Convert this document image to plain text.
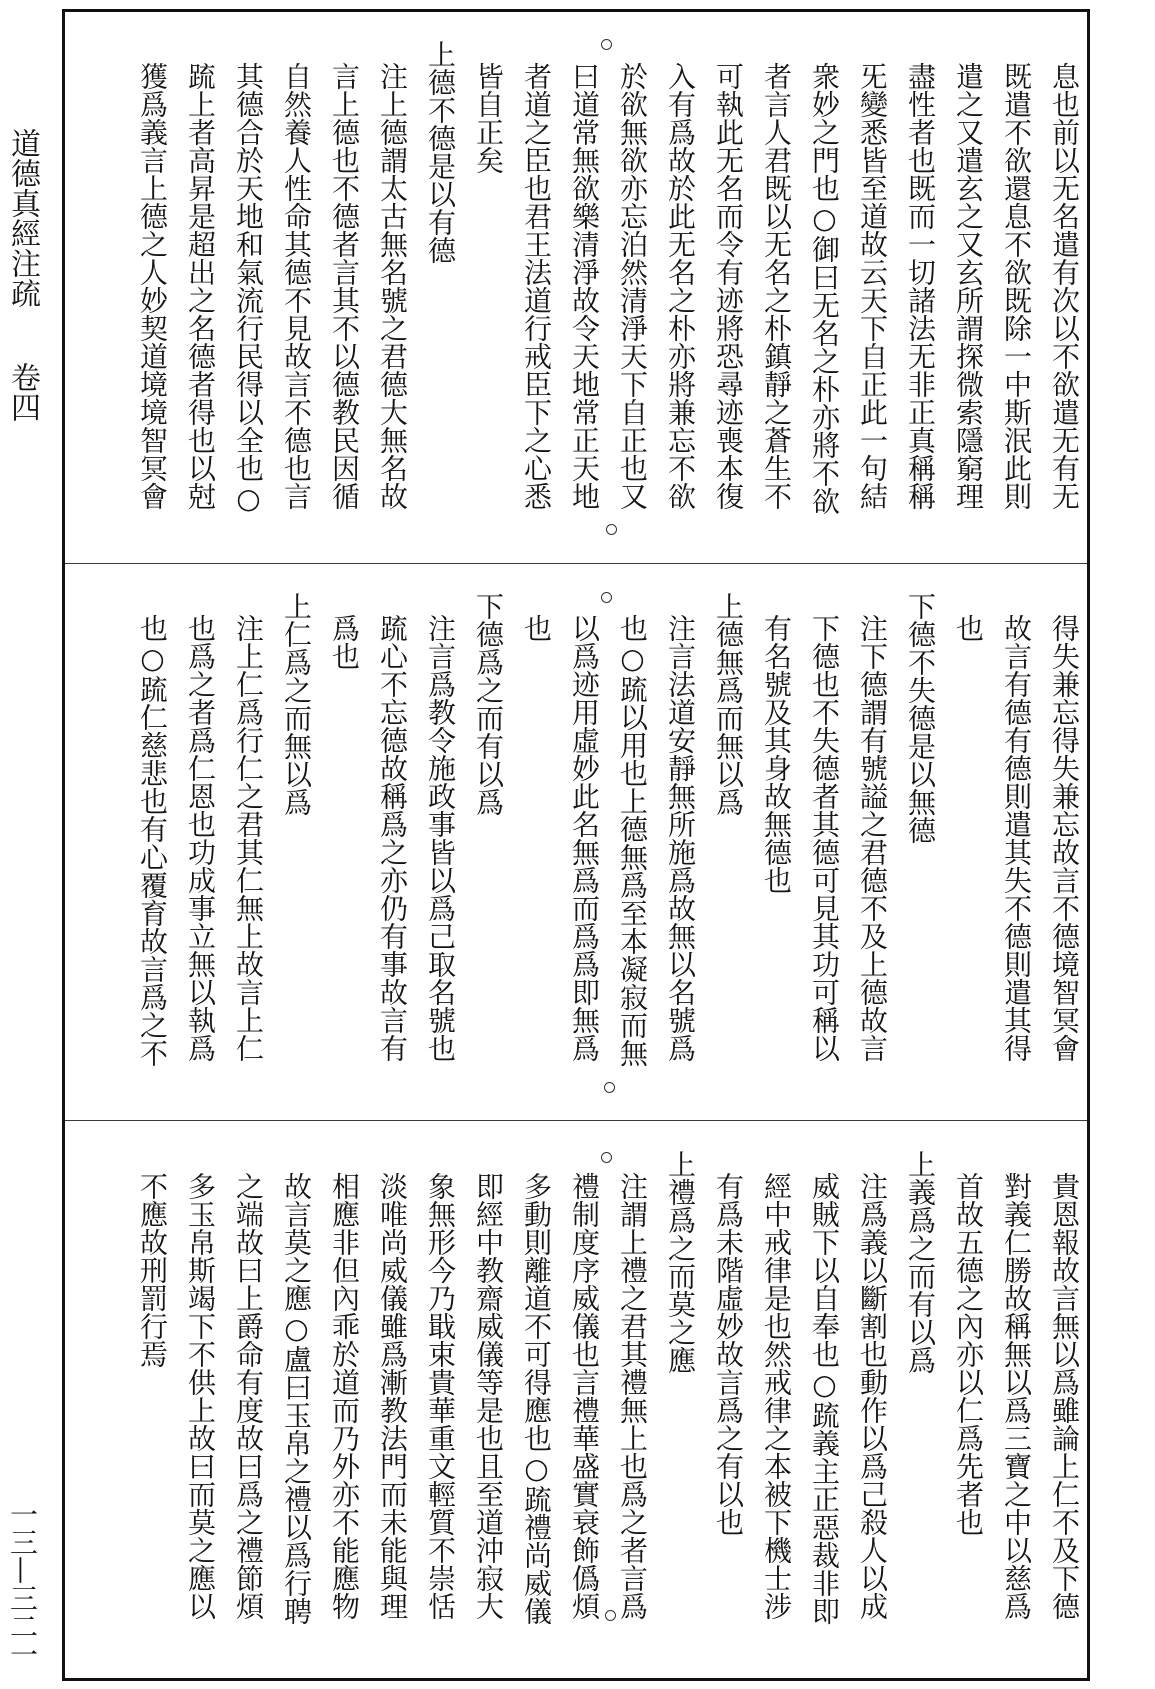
道德真經注疏
卷四
一三—三二一
息也前以无名遣有次以不欲遣无有无
既遣不欲還息不欲既除一中斯泯此則
遣之又遣玄之又玄所謂探微索隱窮理
盡性者也既而一切諸法无非正真稱稱
旡變悉皆至道故云天下自正此一句結
衆妙之門也○御曰无名之朴亦將不欲
者言人君既以无名之朴鎮靜之蒼生不
可執此无名而令有迹將恐尋迹喪本復
入有爲故於此无名之朴亦將兼忘不欲
於欲無欲亦忘泊然清淨天下自正也又
曰道常無欲樂清淨故令天地常正天地
者道之臣也君王法道行戒臣下之心悉
皆自正矣
上德不德是以有德
注上德謂太古無名號之君德大無名故
言上德也不德者言其不以德教民因循
自然養人性命其德不見故言不德也言
其德合於天地和氣流行民得以全也○
䟽上者高昇是超出之名德者得也以尅
獲爲義言上德之人妙契道境境智冥會
得失兼忘得失兼忘故言不德境智冥會
故言有德有德則遣其失不德則遣其得
也
下德不失德是以無德
注下德謂有號謚之君德不及上德故言
下德也不失德者其德可見其功可稱以
有名號及其身故無德也
上德無爲而無以爲
注言法道安靜無所施爲故無以名號爲
也○䟽以用也上德無爲至本凝寂而無
以爲迹用虛妙此名無爲而爲爲即無爲
也
下德爲之而有以爲
注言爲教令施政事皆以爲己取名號也
䟽心不忘德故稱爲之亦仍有事故言有
爲也
上仁爲之而無以爲
注上仁爲行仁之君其仁無上故言上仁
也爲之者爲仁恩也功成事立無以執爲
也○䟽仁慈悲也有心覆育故言爲之不
貴恩報故言無以爲雖論上仁不及下德
對義仁勝故稱無以爲三寶之中以慈爲
首故五德之內亦以仁爲先者也
上義爲之而有以爲
注爲義以斷割也動作以爲己殺人以成
威賊下以自奉也○䟽義主正惡裁非即
經中戒律是也然戒律之本被下機士涉
有爲未階虛妙故言爲之有以也
上禮爲之而莫之應
注謂上禮之君其禮無上也爲之者言爲
禮制度序威儀也言禮華盛實衰飾僞煩
多動則離道不可得應也○䟽禮尚威儀
即經中教齋威儀等是也且至道沖寂大
象無形今乃戢束貴華重文輕質不崇恬
淡唯尚威儀雖爲漸教法門而未能與理
相應非但內乖於道而乃外亦不能應物
故言莫之應○盧曰玉帛之禮以爲行聘
之端故曰上爵命有度故曰爲之禮節煩
多玉帛斯竭下不供上故曰而莫之應以
不應故刑罰行焉
